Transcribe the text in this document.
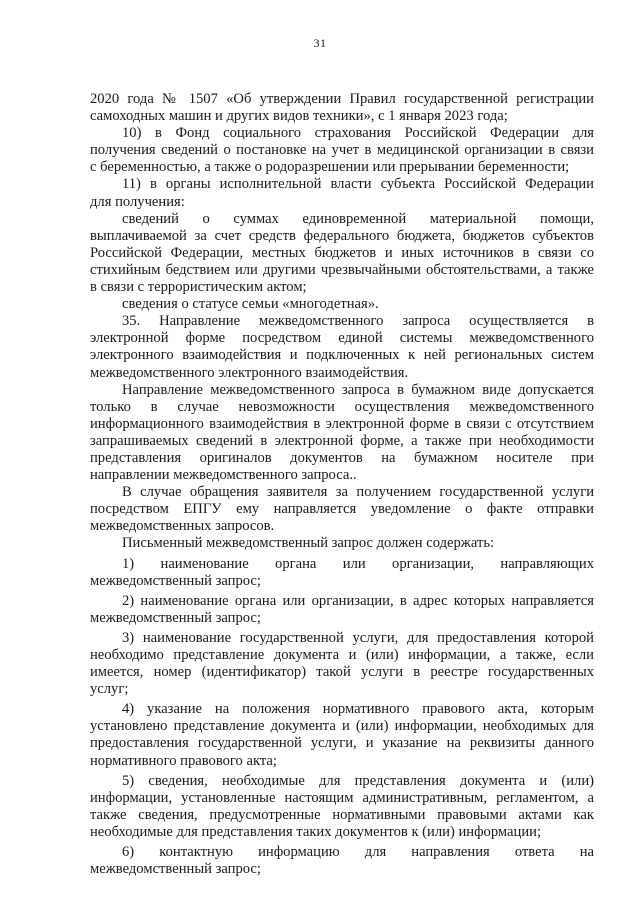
31
2020 года № 1507 «Об утверждении Правил государственной регистрации
самоходных машин и других видов техники», с 1 января 2023 года;
10) в Фонд социального страхования Российской Федерации для
получения сведений о постановке на учет в медицинской организации в связи
с беременностью, а также о родоразрешении или прерывании беременности;
11) в органы исполнительной власти субъекта Российской Федерации
для получения:
сведений о суммах единовременной материальной помощи,
выплачиваемой за счет средств федерального бюджета, бюджетов субъектов
Российской Федерации, местных бюджетов и иных источников в связи со
стихийным бедствием или другими чрезвычайными обстоятельствами, а также
в связи с террористическим актом;
сведения о статусе семьи «многодетная».
35. Направление межведомственного запроса осуществляется в
электронной форме посредством единой системы межведомственного
электронного взаимодействия и подключенных к ней региональных систем
межведомственного электронного взаимодействия.
Направление межведомственного запроса в бумажном виде допускается
только в случае невозможности осуществления межведомственного
информационного взаимодействия в электронной форме в связи с отсутствием
запрашиваемых сведений в электронной форме, а также при необходимости
представления оригиналов документов на бумажном носителе при
направлении межведомственного запроса..
В случае обращения заявителя за получением государственной услуги
посредством ЕПГУ ему направляется уведомление о факте отправки
межведомственных запросов.
Письменный межведомственный запрос должен содержать:
1) наименование органа или организации, направляющих
межведомственный запрос;
2) наименование органа или организации, в адрес которых направляется
межведомственный запрос;
3) наименование государственной услуги, для предоставления которой
необходимо представление документа и (или) информации, а также, если
имеется, номер (идентификатор) такой услуги в реестре государственных
услуг;
4) указание на положения нормативного правового акта, которым
установлено представление документа и (или) информации, необходимых для
предоставления государственной услуги, и указание на реквизиты данного
нормативного правового акта;
5) сведения, необходимые для представления документа и (или)
информации, установленные настоящим административным, регламентом, а
также сведения, предусмотренные нормативными правовыми актами как
необходимые для представления таких документов к (или) информации;
6) контактную информацию для направления ответа на
межведомственный запрос;
